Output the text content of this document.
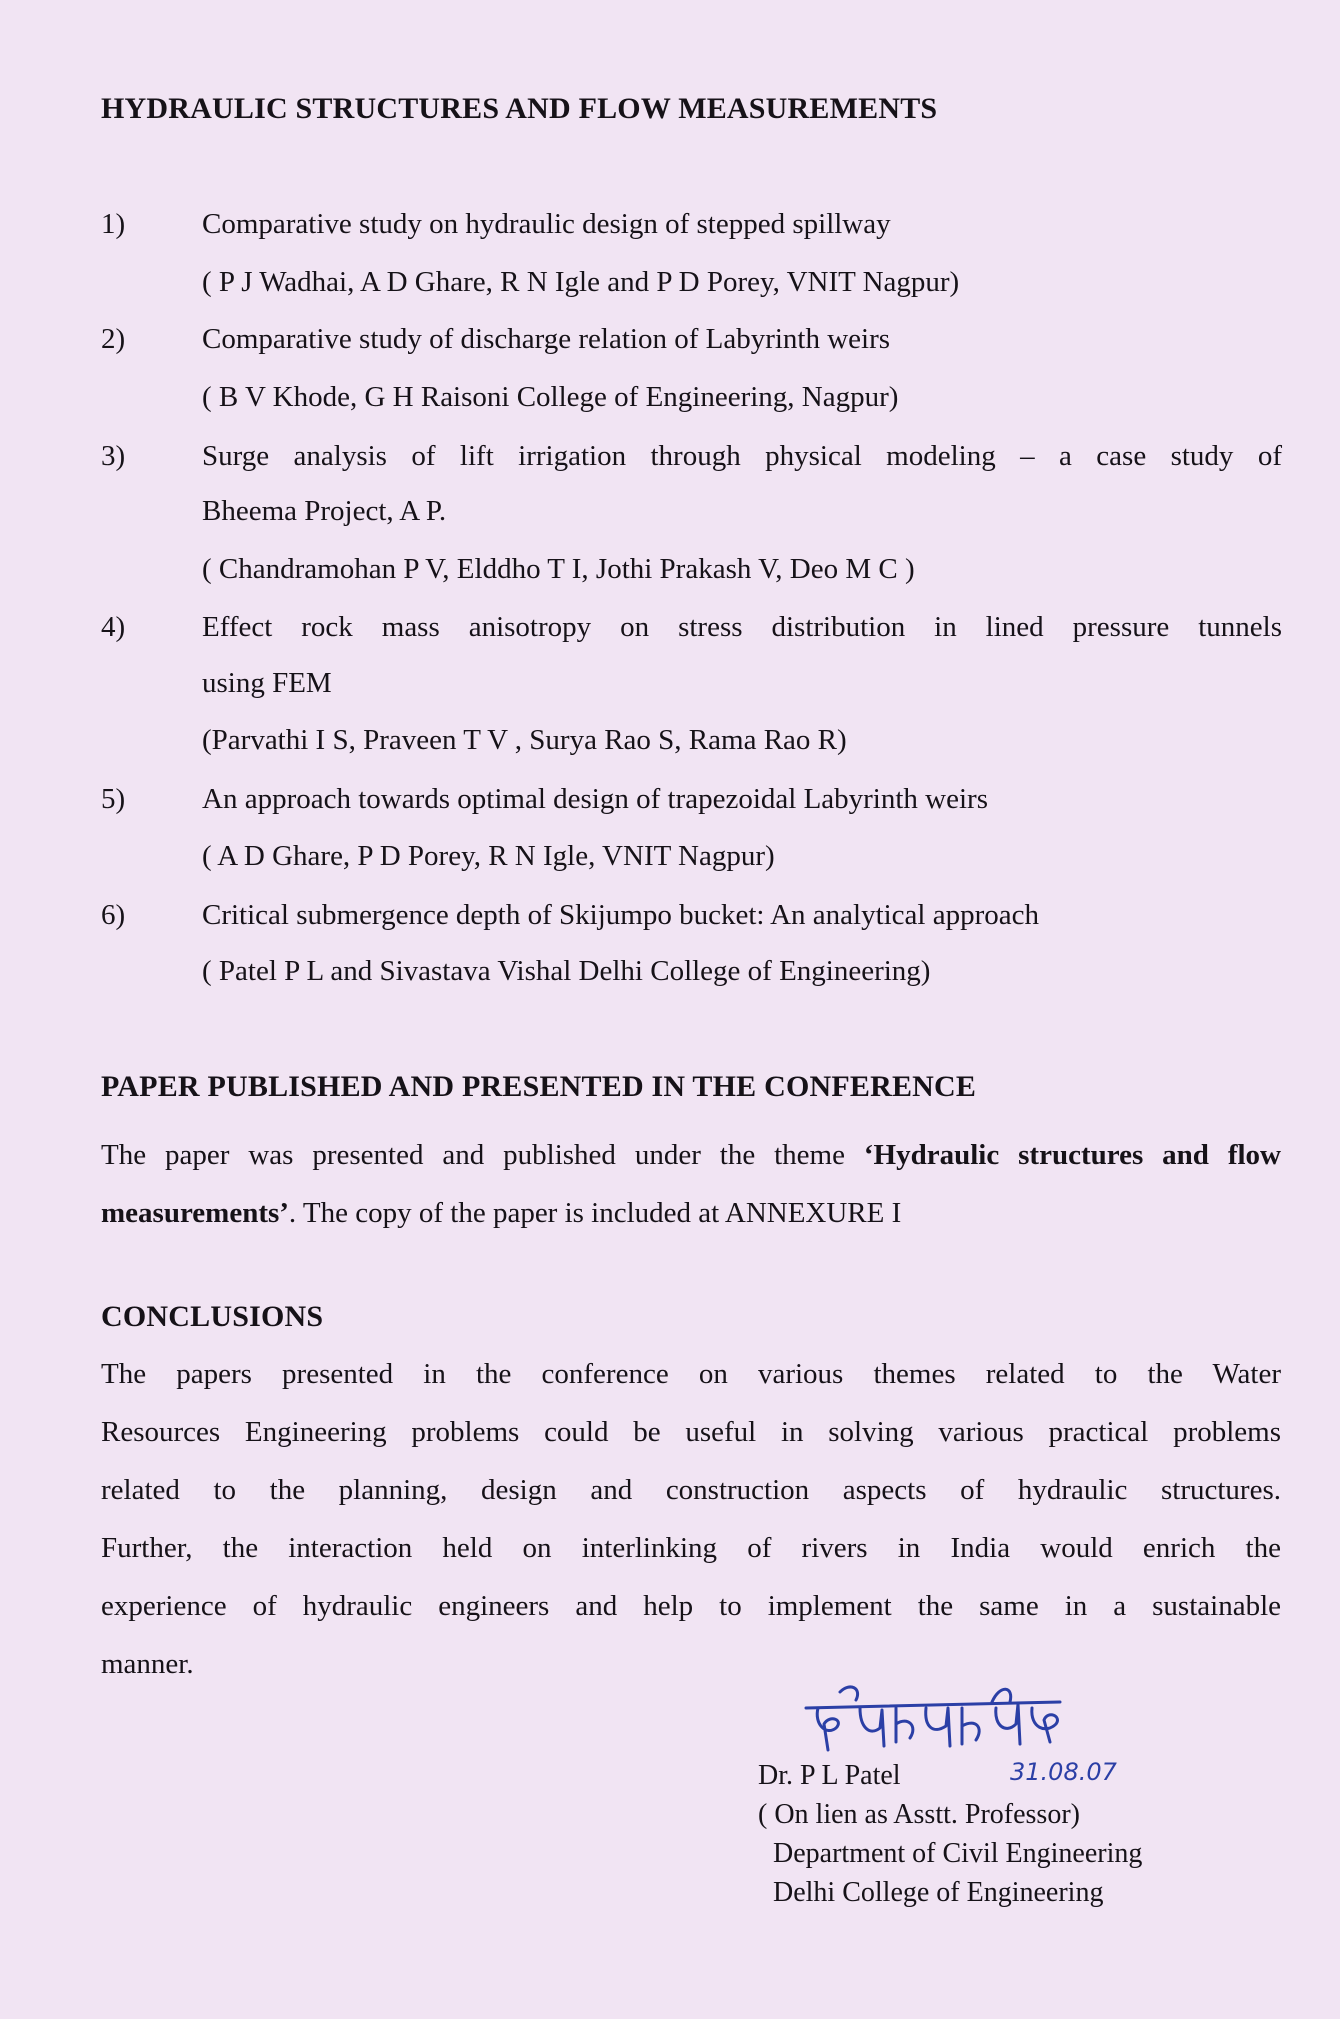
HYDRAULIC STRUCTURES AND FLOW MEASUREMENTS
1)	Comparative study on hydraulic design of stepped spillway
( P J Wadhai, A D Ghare, R N Igle and P D Porey, VNIT Nagpur)
2)	Comparative study of discharge relation of Labyrinth weirs
( B V Khode, G H Raisoni College of Engineering, Nagpur)
3)	Surge analysis of lift irrigation through physical modeling – a case study of
Bheema Project, A P.
( Chandramohan P V, Elddho T I, Jothi Prakash V, Deo M C )
4)	Effect rock mass anisotropy on stress distribution in lined pressure tunnels
using FEM
(Parvathi I S, Praveen T V , Surya Rao S, Rama Rao R)
5)	An approach towards optimal design of trapezoidal Labyrinth weirs
( A D Ghare, P D Porey, R N Igle, VNIT Nagpur)
6)	Critical submergence depth of Skijumpo bucket: An analytical approach
( Patel P L and Sivastava Vishal Delhi College of Engineering)
PAPER PUBLISHED AND PRESENTED IN THE CONFERENCE
The paper was presented and published under the theme ‘Hydraulic structures and flow measurements’. The copy of the paper is included at ANNEXURE I
CONCLUSIONS
The papers presented in the conference on various themes related to the Water
Resources Engineering problems could be useful in solving various practical problems
related to the planning, design and construction aspects of hydraulic structures.
Further, the interaction held on interlinking of rivers in India would enrich the
experience of hydraulic engineers and help to implement the same in a sustainable
manner.
31.08.07
Dr. P L Patel
( On lien as Asstt. Professor)
Department of Civil Engineering
Delhi College of Engineering
